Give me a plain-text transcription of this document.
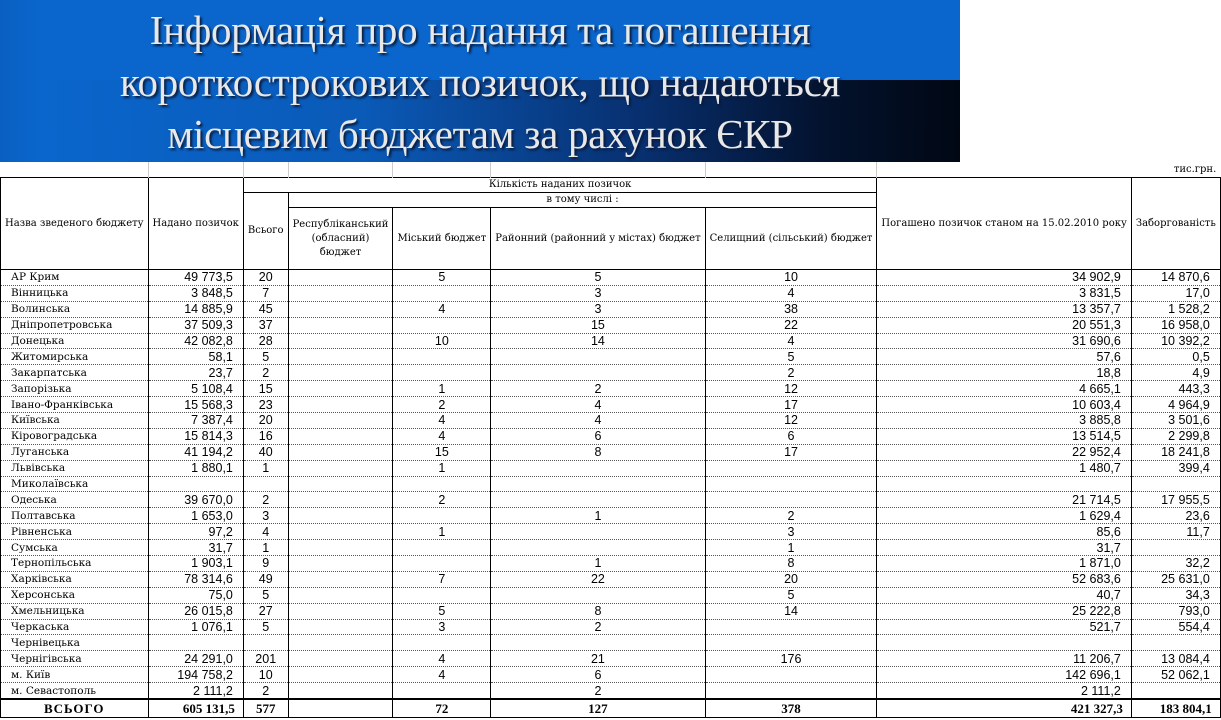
Інформація про надання та погашення
короткострокових позичок, що надаються
місцевим бюджетам за рахунок ЄКР
							тис.грн.	
Назва зведеного бюджету	Надано позичок	Кількість наданих позичок					Погашено позичок станом на 15.02.2010 року	Заборгованість
		Всього	в тому числі :					
			Республіканський (обласний) бюджет	Міський бюджет	Районний (районний у містах) бюджет	Селищний (сільський) бюджет		
АР Крим	49 773,5	20		5	5	10	34 902,9	14 870,6
Вінницька	3 848,5	7			3	4	3 831,5	17,0
Волинська	14 885,9	45		4	3	38	13 357,7	1 528,2
Дніпропетровська	37 509,3	37			15	22	20 551,3	16 958,0
Донецька	42 082,8	28		10	14	4	31 690,6	10 392,2
Житомирська	58,1	5				5	57,6	0,5
Закарпатська	23,7	2				2	18,8	4,9
Запорізька	5 108,4	15		1	2	12	4 665,1	443,3
Івано-Франківська	15 568,3	23		2	4	17	10 603,4	4 964,9
Київська	7 387,4	20		4	4	12	3 885,8	3 501,6
Кіровоградська	15 814,3	16		4	6	6	13 514,5	2 299,8
Луганська	41 194,2	40		15	8	17	22 952,4	18 241,8
Львівська	1 880,1	1		1			1 480,7	399,4
Миколаївська								
Одеська	39 670,0	2		2			21 714,5	17 955,5
Полтавська	1 653,0	3			1	2	1 629,4	23,6
Рівненська	97,2	4		1		3	85,6	11,7
Сумська	31,7	1				1	31,7	
Тернопільська	1 903,1	9			1	8	1 871,0	32,2
Харківська	78 314,6	49		7	22	20	52 683,6	25 631,0
Херсонська	75,0	5				5	40,7	34,3
Хмельницька	26 015,8	27		5	8	14	25 222,8	793,0
Черкаська	1 076,1	5		3	2		521,7	554,4
Чернівецька								
Чернігівська	24 291,0	201		4	21	176	11 206,7	13 084,4
м. Київ	194 758,2	10		4	6		142 696,1	52 062,1
м. Севастополь	2 111,2	2			2		2 111,2	
ВСЬОГО	605 131,5	577		72	127	378	421 327,3	183 804,1
